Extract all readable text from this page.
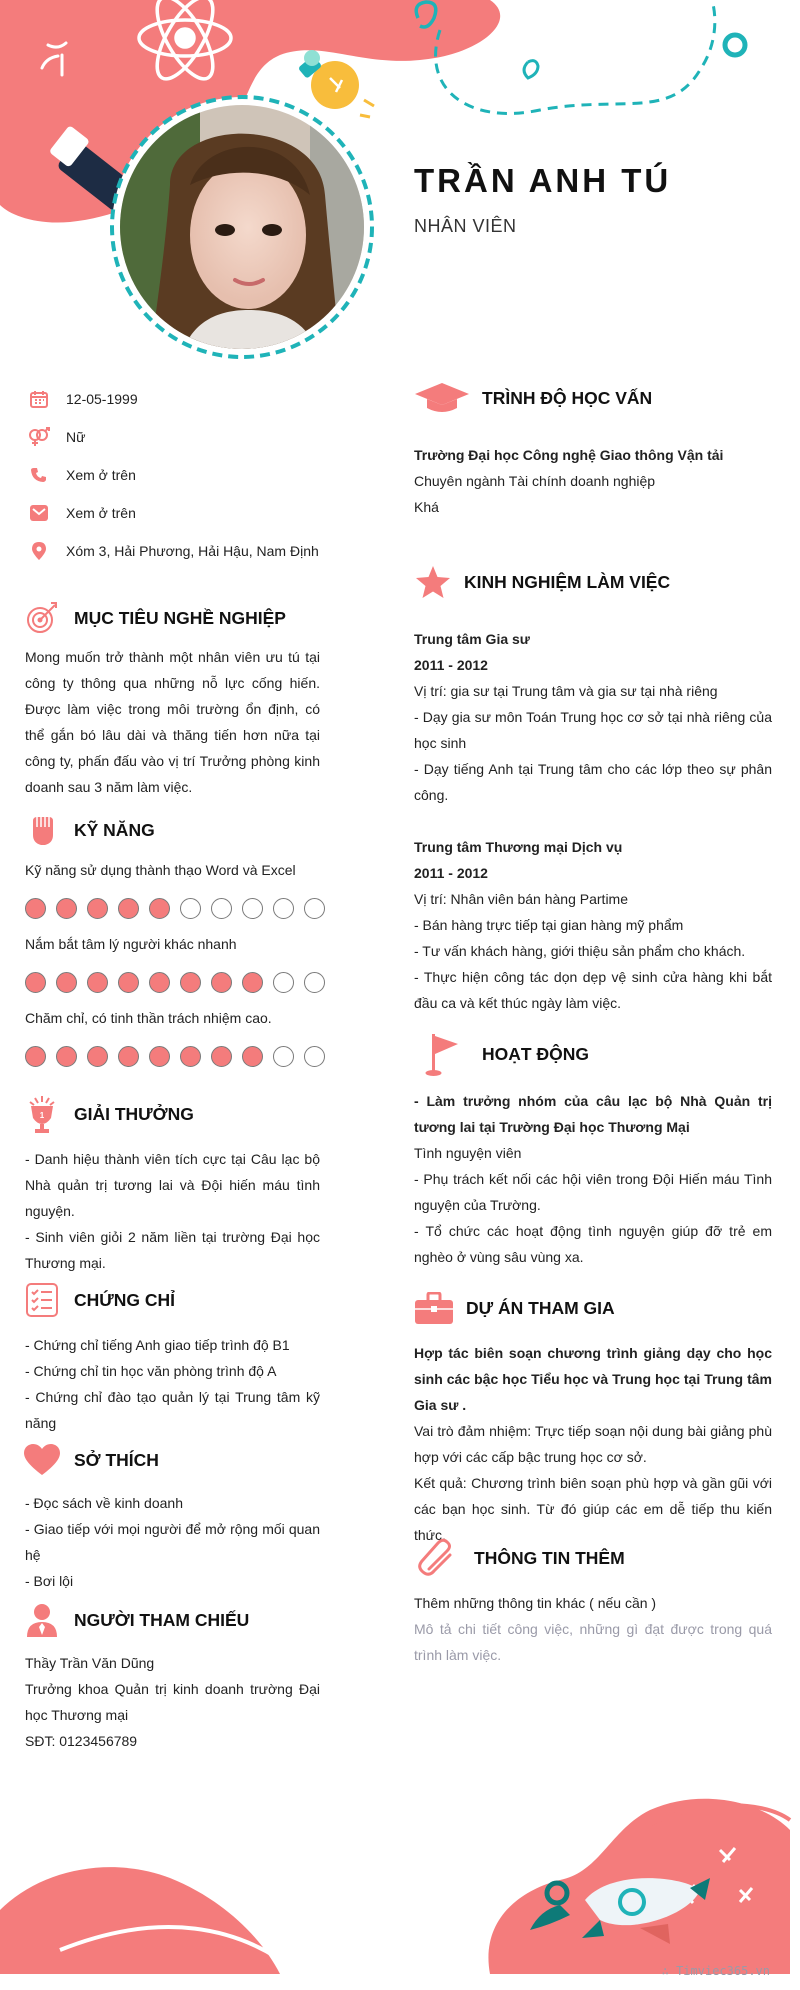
TRẦN ANH TÚ
NHÂN VIÊN
12-05-1999
Nữ
Xem ở trên
Xem ở trên
Xóm 3, Hải Phương, Hải Hậu, Nam Định
MỤC TIÊU NGHỀ NGHIỆP
Mong muốn trở thành một nhân viên ưu tú tại công ty thông qua những nỗ lực cống hiến. Được làm việc trong môi trường ổn định, có thể gắn bó lâu dài và thăng tiến hơn nữa tại công ty, phấn đấu vào vị trí Trưởng phòng kinh doanh sau 3 năm làm việc.
KỸ NĂNG
Kỹ năng sử dụng thành thạo Word và Excel
Nắm bắt tâm lý người khác nhanh
Chăm chỉ, có tinh thần trách nhiệm cao.
1 GIẢI THƯỞNG

- Danh hiệu thành viên tích cực tại Câu lạc bộ Nhà quản trị tương lai và Đội hiến máu tình nguyện.

- Sinh viên giỏi 2 năm liền tại trường Đại học Thương mại.

CHỨNG CHỈ

- Chứng chỉ tiếng Anh giao tiếp trình độ B1

- Chứng chỉ tin học văn phòng trình độ A

- Chứng chỉ đào tạo quản lý tại Trung tâm kỹ năng

SỞ THÍCH

- Đọc sách về kinh doanh

- Giao tiếp với mọi người để mở rộng mối quan hệ

- Bơi lội

NGƯỜI THAM CHIẾU

Thầy Trần Văn Dũng

Trưởng khoa Quản trị kinh doanh trường Đại học Thương mại

SĐT: 0123456789

TRÌNH ĐỘ HỌC VẤN

Trường Đại học Công nghệ Giao thông Vận tải

Chuyên ngành Tài chính doanh nghiệp

Khá

KINH NGHIỆM LÀM VIỆC

Trung tâm Gia sư

2011 - 2012

Vị trí: gia sư tại Trung tâm và gia sư tại nhà riêng

- Dạy gia sư môn Toán Trung học cơ sở tại nhà riêng của học sinh

- Dạy tiếng Anh tại Trung tâm cho các lớp theo sự phân công.

Trung tâm Thương mại Dịch vụ

2011 - 2012

Vị trí: Nhân viên bán hàng Partime

- Bán hàng trực tiếp tại gian hàng mỹ phẩm

- Tư vấn khách hàng, giới thiệu sản phẩm cho khách.

- Thực hiện công tác dọn dẹp vệ sinh cửa hàng khi bắt đầu ca và kết thúc ngày làm việc.

HOẠT ĐỘNG

- Làm trưởng nhóm của câu lạc bộ Nhà Quản trị tương lai tại Trường Đại học Thương Mại

Tình nguyện viên

- Phụ trách kết nối các hội viên trong Đội Hiến máu Tình nguyện của Trường.

- Tổ chức các hoạt động tình nguyện giúp đỡ trẻ em nghèo ở vùng sâu vùng xa.

DỰ ÁN THAM GIA

Hợp tác biên soạn chương trình giảng dạy cho học sinh các bậc học Tiểu học và Trung học tại Trung tâm Gia sư .

Vai trò đảm nhiệm: Trực tiếp soạn nội dung bài giảng phù hợp với các cấp bậc trung học cơ sở.

Kết quả: Chương trình biên soạn phù hợp và gần gũi với các bạn học sinh. Từ đó giúp các em dễ tiếp thu kiến thức.

THÔNG TIN THÊM

Thêm những thông tin khác ( nếu cần )

Mô tả chi tiết công việc, những gì đạt được trong quá trình làm việc.

∴ Timviec365.vn
